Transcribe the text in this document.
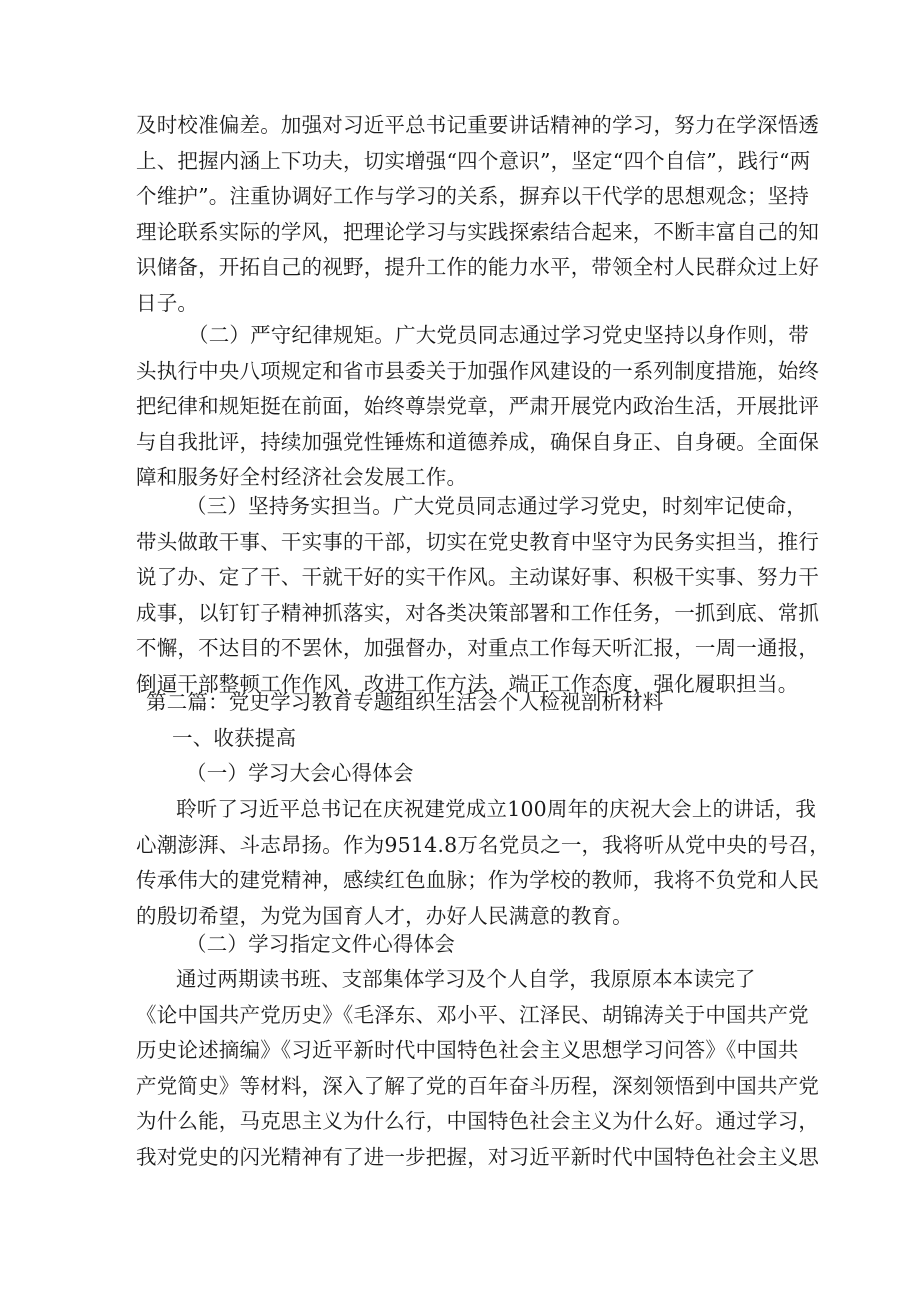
及时校准偏差。加强对习近平总书记重要讲话精神的学习，努力在学深悟透
上、把握内涵上下功夫，切实增强“四个意识”，坚定“四个自信”，践行“两
个维护”。注重协调好工作与学习的关系，摒弃以干代学的思想观念；坚持
理论联系实际的学风，把理论学习与实践探索结合起来，不断丰富自己的知
识储备，开拓自己的视野，提升工作的能力水平，带领全村人民群众过上好
日子。
（二）严守纪律规矩。广大党员同志通过学习党史坚持以身作则，带
头执行中央八项规定和省市县委关于加强作风建设的一系列制度措施，始终
把纪律和规矩挺在前面，始终尊崇党章，严肃开展党内政治生活，开展批评
与自我批评，持续加强党性锤炼和道德养成，确保自身正、自身硬。全面保
障和服务好全村经济社会发展工作。
（三）坚持务实担当。广大党员同志通过学习党史，时刻牢记使命，
带头做敢干事、干实事的干部，切实在党史教育中坚守为民务实担当，推行
说了办、定了干、干就干好的实干作风。主动谋好事、积极干实事、努力干
成事，以钉钉子精神抓落实，对各类决策部署和工作任务，一抓到底、常抓
不懈，不达目的不罢休，加强督办，对重点工作每天听汇报，一周一通报，
倒逼干部整顿工作作风，改进工作方法，端正工作态度，强化履职担当。
第二篇：党史学习教育专题组织生活会个人检视剖析材料
一、收获提高
（一）学习大会心得体会
聆听了习近平总书记在庆祝建党成立100周年的庆祝大会上的讲话，我
心潮澎湃、斗志昂扬。作为9514.8万名党员之一，我将听从党中央的号召，
传承伟大的建党精神，感续红色血脉；作为学校的教师，我将不负党和人民
的殷切希望，为党为国育人才，办好人民满意的教育。
（二）学习指定文件心得体会
通过两期读书班、支部集体学习及个人自学，我原原本本读完了
《论中国共产党历史》《毛泽东、邓小平、江泽民、胡锦涛关于中国共产党
历史论述摘编》《习近平新时代中国特色社会主义思想学习问答》《中国共
产党简史》等材料，深入了解了党的百年奋斗历程，深刻领悟到中国共产党
为什么能，马克思主义为什么行，中国特色社会主义为什么好。通过学习，
我对党史的闪光精神有了进一步把握，对习近平新时代中国特色社会主义思
